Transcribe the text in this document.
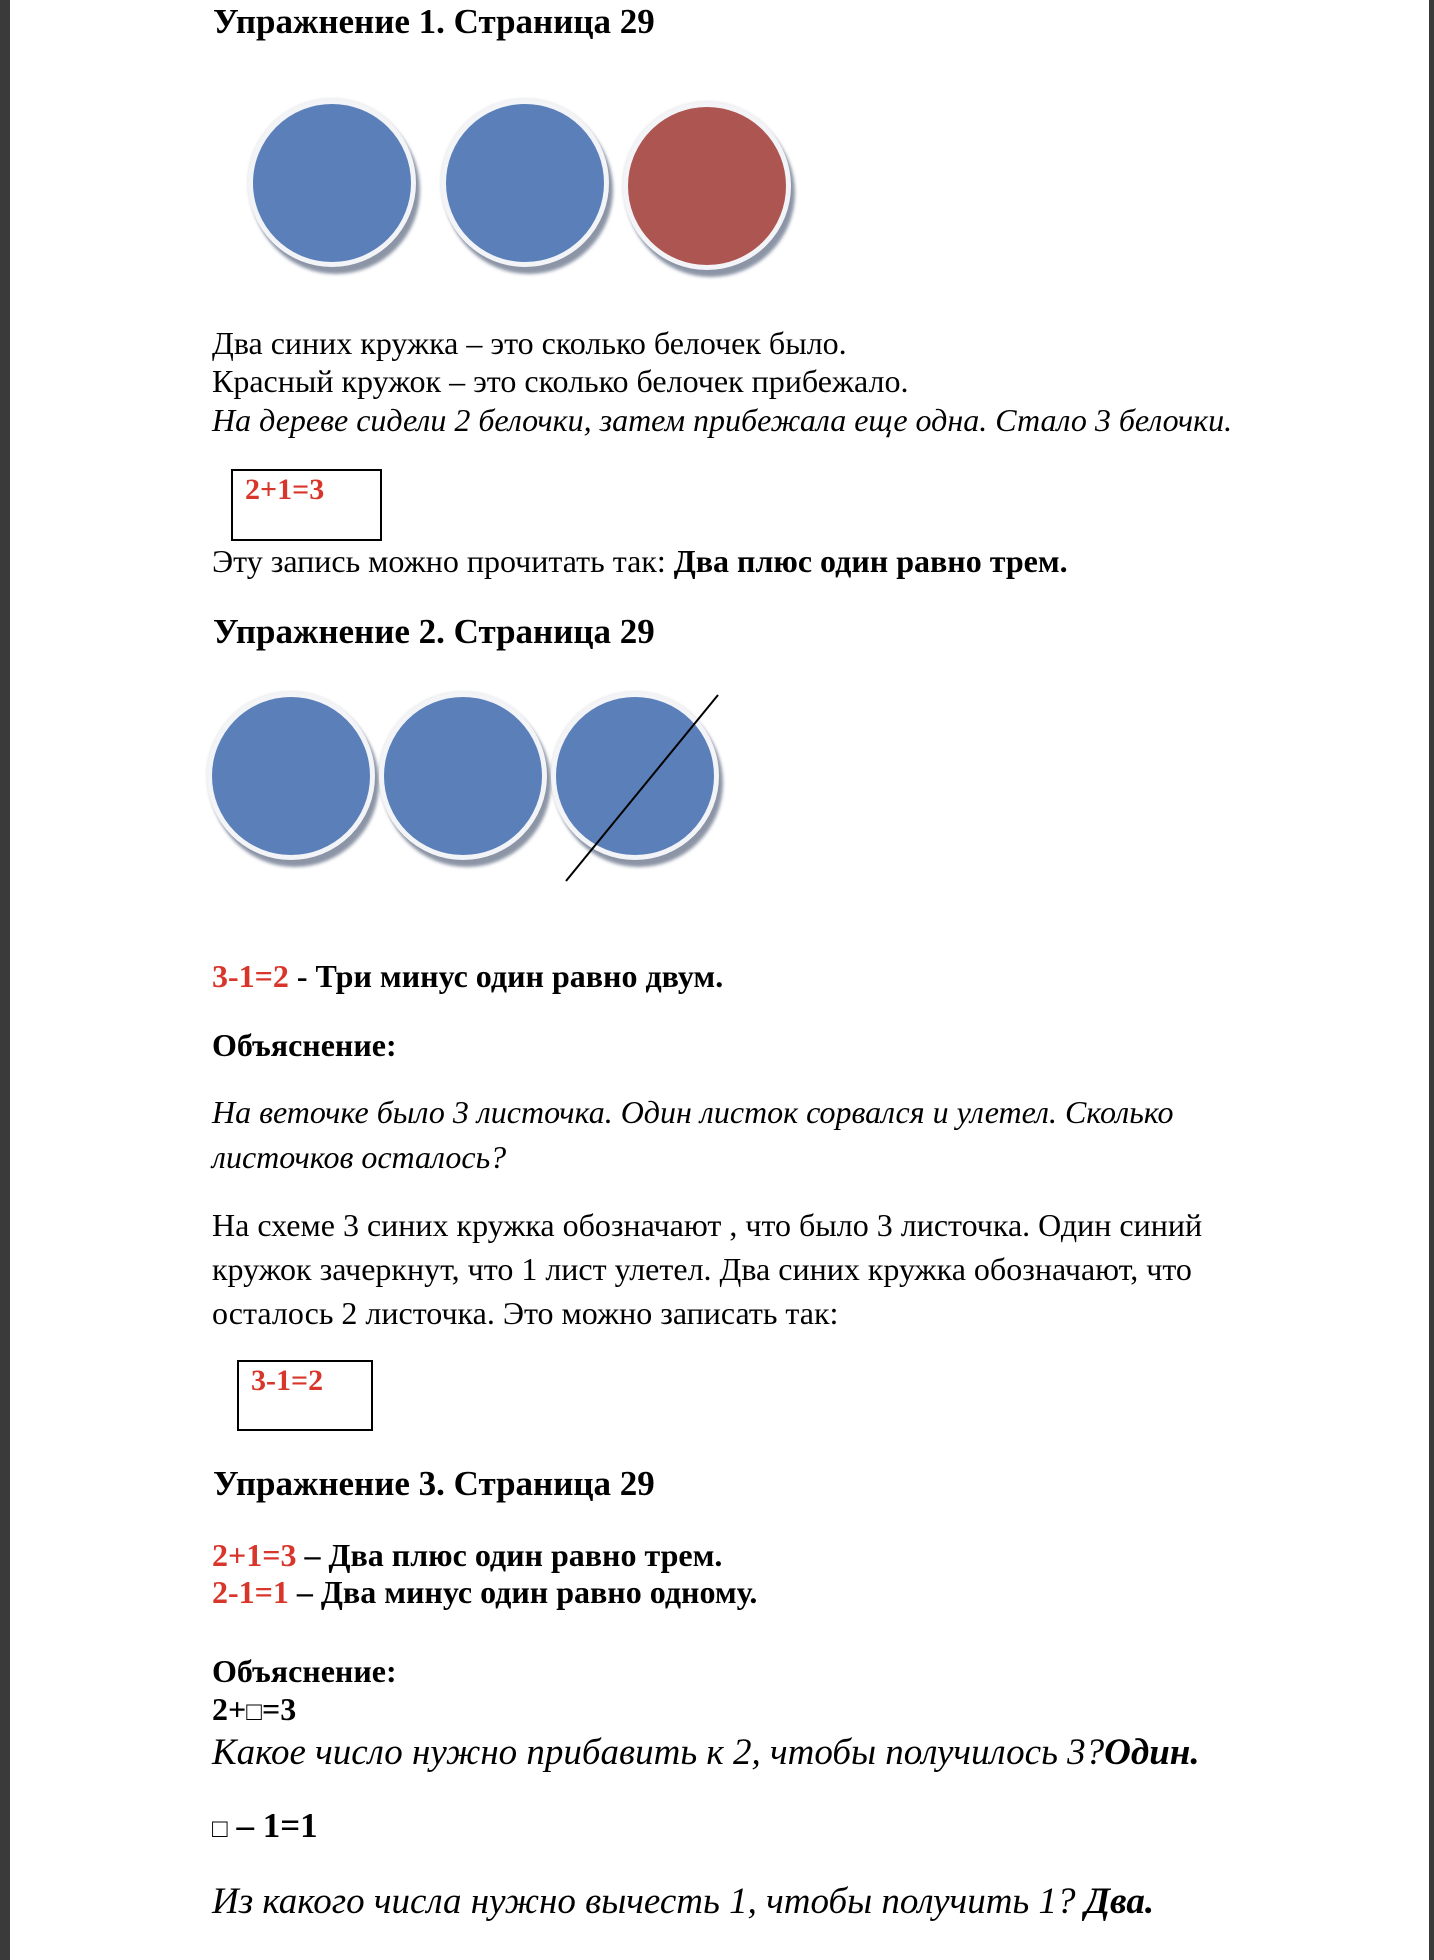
Упражнение 1. Страница 29
Два синих кружка – это сколько белочек было.
Красный кружок – это сколько белочек прибежало.
На дереве сидели 2 белочки, затем прибежала еще одна. Стало 3 белочки.
2+1=3
Эту запись можно прочитать так: Два плюс один равно трем.
Упражнение 2. Страница 29
3-1=2 - Три минус один равно двум.
Объяснение:
На веточке было 3 листочка. Один листок сорвался и улетел. Сколько
листочков осталось?
На схеме 3 синих кружка обозначают , что было 3 листочка. Один синий
кружок зачеркнут, что 1 лист улетел. Два синих кружка обозначают, что
осталось 2 листочка. Это можно записать так:
3-1=2
Упражнение 3. Страница 29
2+1=3 – Два плюс один равно трем.
2-1=1 – Два минус один равно одному.
Объяснение:
2+□=3
Какое число нужно прибавить к 2, чтобы получилось 3?Один.
□ – 1=1
Из какого числа нужно вычесть 1, чтобы получить 1? Два.
